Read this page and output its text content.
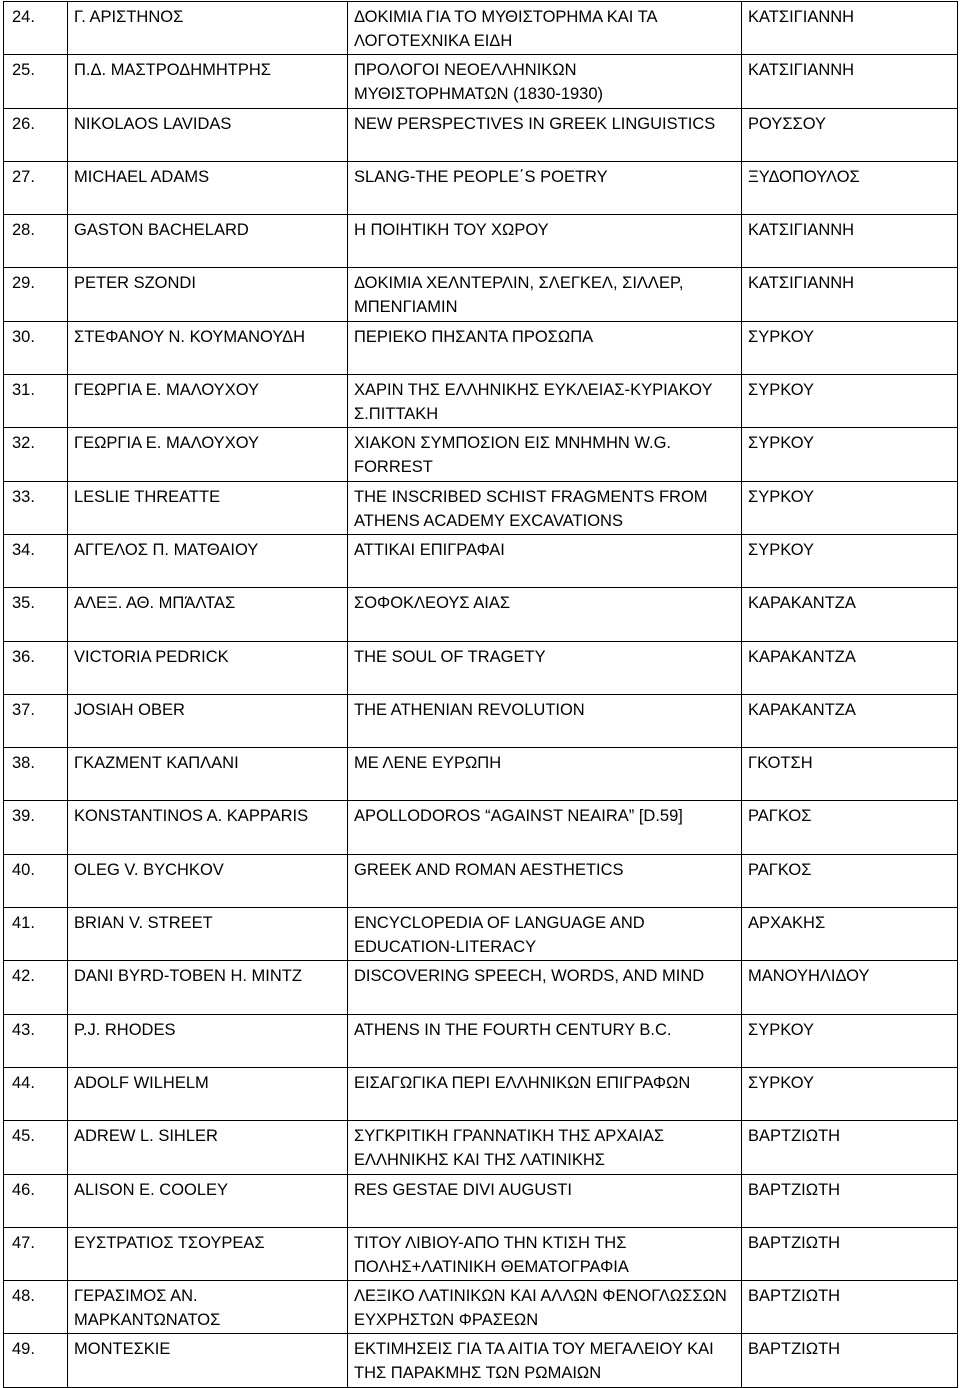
24.	Γ. ΑΡΙΣΤΗΝΟΣ	ΔΟΚΙΜΙΑ ΓΙΑ ΤΟ ΜΥΘΙΣΤΟΡΗΜΑ ΚΑΙ ΤΑ ΛΟΓΟΤΕΧΝΙΚΑ ΕΙΔΗ	ΚΑΤΣΙΓΙΑΝΝΗ
25.	Π.Δ. ΜΑΣΤΡΟΔΗΜΗΤΡΗΣ	ΠΡΟΛΟΓΟΙ ΝΕΟΕΛΛΗΝΙΚΩΝ ΜΥΘΙΣΤΟΡΗΜΑΤΩΝ (1830-1930)	ΚΑΤΣΙΓΙΑΝΝΗ
26.	NIKOLAOS LAVIDAS	NEW PERSPECTIVES IN GREEK LINGUISTICS	ΡΟΥΣΣΟΥ
27.	MICHAEL ADAMS	SLANG-THE PEOPLE΄S POETRY	ΞΥΔΟΠΟΥΛΟΣ
28.	GASTON BACHELARD	Η ΠΟΙΗΤΙΚΗ ΤΟΥ ΧΩΡΟΥ	ΚΑΤΣΙΓΙΑΝΝΗ
29.	PETER SZONDI	ΔΟΚΙΜΙΑ ΧΕΛΝΤΕΡΛΙΝ, ΣΛΕΓΚΕΛ, ΣΙΛΛΕΡ, ΜΠΕΝΓΙΑΜΙΝ	ΚΑΤΣΙΓΙΑΝΝΗ
30.	ΣΤΕΦΑΝΟΥ Ν. ΚΟΥΜΑΝΟΥΔΗ	ΠΕΡΙΕΚΟ ΠΗΣΑΝΤΑ ΠΡΟΣΩΠΑ	ΣΥΡΚΟΥ
31.	ΓΕΩΡΓΙΑ Ε. ΜΑΛΟΥΧΟΥ	ΧΑΡΙΝ ΤΗΣ ΕΛΛΗΝΙΚΗΣ ΕΥΚΛΕΙΑΣ-ΚΥΡΙΑΚΟΥ Σ.ΠΙΤΤΑΚΗ	ΣΥΡΚΟΥ
32.	ΓΕΩΡΓΙΑ Ε. ΜΑΛΟΥΧΟΥ	ΧΙΑΚΟΝ ΣΥΜΠΟΣΙΟΝ ΕΙΣ ΜΝΗΜΗΝ W.G. FORREST	ΣΥΡΚΟΥ
33.	LESLIE THREATTE	THE INSCRIBED SCHIST FRAGMENTS FROM ATHENS ACADEMY EXCAVATIONS	ΣΥΡΚΟΥ
34.	ΑΓΓΕΛΟΣ Π. ΜΑΤΘΑΙΟΥ	ΑΤΤΙΚΑΙ ΕΠΙΓΡΑΦΑΙ	ΣΥΡΚΟΥ
35.	ΑΛΕΞ. ΑΘ. ΜΠΆΛΤΑΣ	ΣΟΦΟΚΛΕΟΥΣ ΑΙΑΣ	ΚΑΡΑΚΑΝΤΖΑ
36.	VICTORIA PEDRICK	THE SOUL OF TRAGETY	ΚΑΡΑΚΑΝΤΖΑ
37.	JOSIAH OBER	THE ATHENIAN REVOLUTION	ΚΑΡΑΚΑΝΤΖΑ
38.	ΓΚΑΖΜΕΝΤ ΚΑΠΛΑΝΙ	ΜΕ ΛΕΝΕ ΕΥΡΩΠΗ	ΓΚΟΤΣΗ
39.	KONSTANTINOS A. KAPPARIS	APOLLODOROS “AGAINST NEAIRA” [D.59]	ΡΑΓΚΟΣ
40.	OLEG V. BYCHKOV	GREEK AND ROMAN AESTHETICS	ΡΑΓΚΟΣ
41.	BRIAN V. STREET	ENCYCLOPEDIA OF LANGUAGE AND EDUCATION-LITERACY	ΑΡΧΑΚΗΣ
42.	DANI BYRD-TOBEN H. MINTZ	DISCOVERING SPEECH, WORDS, AND MIND	ΜΑΝΟΥΗΛΙΔΟΥ
43.	P.J. RHODES	ATHENS IN THE FOURTH CENTURY B.C.	ΣΥΡΚΟΥ
44.	ADOLF WILHELM	ΕΙΣΑΓΩΓΙΚΑ ΠΕΡΙ ΕΛΛΗΝΙΚΩΝ ΕΠΙΓΡΑΦΩΝ	ΣΥΡΚΟΥ
45.	ADREW L. SIHLER	ΣΥΓΚΡΙΤΙΚΗ ΓΡΑΝΝΑΤΙΚΗ ΤΗΣ ΑΡΧΑΙΑΣ ΕΛΛΗΝΙΚΗΣ ΚΑΙ ΤΗΣ ΛΑΤΙΝΙΚΗΣ	ΒΑΡΤΖΙΩΤΗ
46.	ALISON E. COOLEY	RES GESTAE DIVI AUGUSTI	ΒΑΡΤΖΙΩΤΗ
47.	ΕΥΣΤΡΑΤΙΟΣ ΤΣΟΥΡΕΑΣ	ΤΙΤΟΥ ΛΙΒΙΟΥ-ΑΠΟ ΤΗΝ ΚΤΙΣΗ ΤΗΣ ΠΟΛΗΣ+ΛΑΤΙΝΙΚΗ ΘΕΜΑΤΟΓΡΑΦΙΑ	ΒΑΡΤΖΙΩΤΗ
48.	ΓΕΡΑΣΙΜΟΣ ΑΝ. ΜΑΡΚΑΝΤΩΝΑΤΟΣ	ΛΕΞΙΚΟ ΛΑΤΙΝΙΚΩΝ ΚΑΙ ΑΛΛΩΝ ΦΕΝΟΓΛΩΣΣΩΝ ΕΥΧΡΗΣΤΩΝ ΦΡΑΣΕΩΝ	ΒΑΡΤΖΙΩΤΗ
49.	ΜΟΝΤΕΣΚΙΕ	ΕΚΤΙΜΗΣΕΙΣ ΓΙΑ ΤΑ ΑΙΤΙΑ ΤΟΥ ΜΕΓΑΛΕΙΟΥ ΚΑΙ ΤΗΣ ΠΑΡΑΚΜΗΣ ΤΩΝ ΡΩΜΑΙΩΝ	ΒΑΡΤΖΙΩΤΗ
